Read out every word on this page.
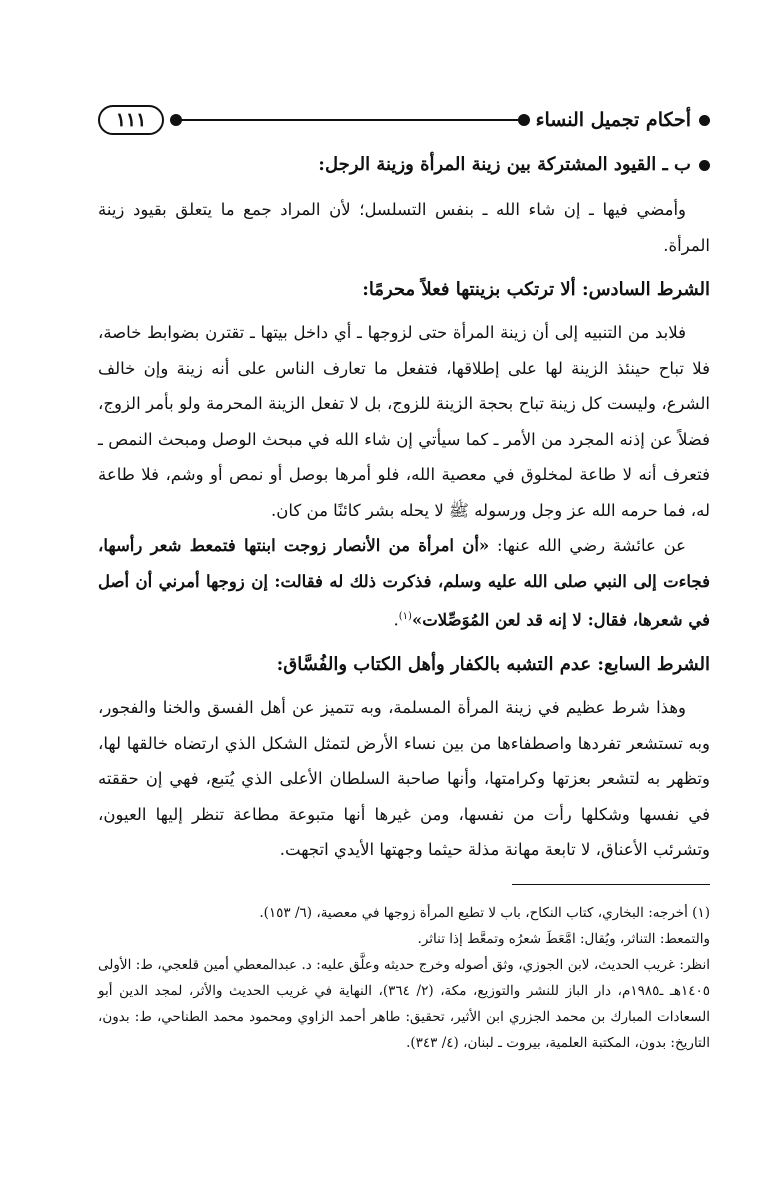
أحكام تجميل النساء
١١١

ب ـ القيود المشتركة بين زينة المرأة وزينة الرجل:

وأمضي فيها ـ إن شاء الله ـ بنفس التسلسل؛ لأن المراد جمع ما يتعلق بقيود زينة المرأة.

الشرط السادس: ألا ترتكب بزينتها فعلاً محرمًا:

فلابد من التنبيه إلى أن زينة المرأة حتى لزوجها ـ أي داخل بيتها ـ تقترن بضوابط خاصة، فلا تباح حينئذ الزينة لها على إطلاقها، فتفعل ما تعارف الناس على أنه زينة وإن خالف الشرع، وليست كل زينة تباح بحجة الزينة للزوج، بل لا تفعل الزينة المحرمة ولو بأمر الزوج، فضلاً عن إذنه المجرد من الأمر ـ كما سيأتي إن شاء الله في مبحث الوصل ومبحث النمص ـ فتعرف أنه لا طاعة لمخلوق في معصية الله، فلو أمرها بوصل أو نمص أو وشم، فلا طاعة له، فما حرمه الله عز وجل ورسوله ﷺ لا يحله بشر كائنًا من كان.

عن عائشة رضي الله عنها: «أن امرأة من الأنصار زوجت ابنتها فتمعط شعر رأسها، فجاءت إلى النبي صلى الله عليه وسلم، فذكرت ذلك له فقالت: إن زوجها أمرني أن أصل في شعرها، فقال: لا إنه قد لعن المُوَصِّلات»$^{(١)}$.

الشرط السابع: عدم التشبه بالكفار وأهل الكتاب والفُسَّاق:

وهذا شرط عظيم في زينة المرأة المسلمة، وبه تتميز عن أهل الفسق والخنا والفجور، وبه تستشعر تفردها واصطفاءها من بين نساء الأرض لتمثل الشكل الذي ارتضاه خالقها لها، وتظهر به لتشعر بعزتها وكرامتها، وأنها صاحبة السلطان الأعلى الذي يُتبع، فهي إن حققته في نفسها وشكلها رأت من نفسها، ومن غيرها أنها متبوعة مطاعة تنظر إليها العيون، وتشرئب الأعناق، لا تابعة مهانة مذلة حيثما وجهتها الأيدي اتجهت.

(١) أخرجه: البخاري، كتاب النكاح، باب لا تطيع المرأة زوجها في معصية، (٦/ ١٥٣).

والتمعط: التناثر، ويُقال: امَّعَطَ شعرُه وتمعَّط إذا تناثر.

انظر: غريب الحديث، لابن الجوزي، وثق أصوله وخرج حديثه وعلَّق عليه: د. عبدالمعطي أمين قلعجي، ط: الأولى ١٤٠٥هـ ـ١٩٨٥م، دار الباز للنشر والتوزيع، مكة، (٢/ ٣٦٤)، النهاية في غريب الحديث والأثر، لمجد الدين أبو السعادات المبارك بن محمد الجزري ابن الأثير، تحقيق: طاهر أحمد الزاوي ومحمود محمد الطناحي، ط: بدون، التاريخ: بدون، المكتبة العلمية، بيروت ـ لبنان، (٤/ ٣٤٣).
